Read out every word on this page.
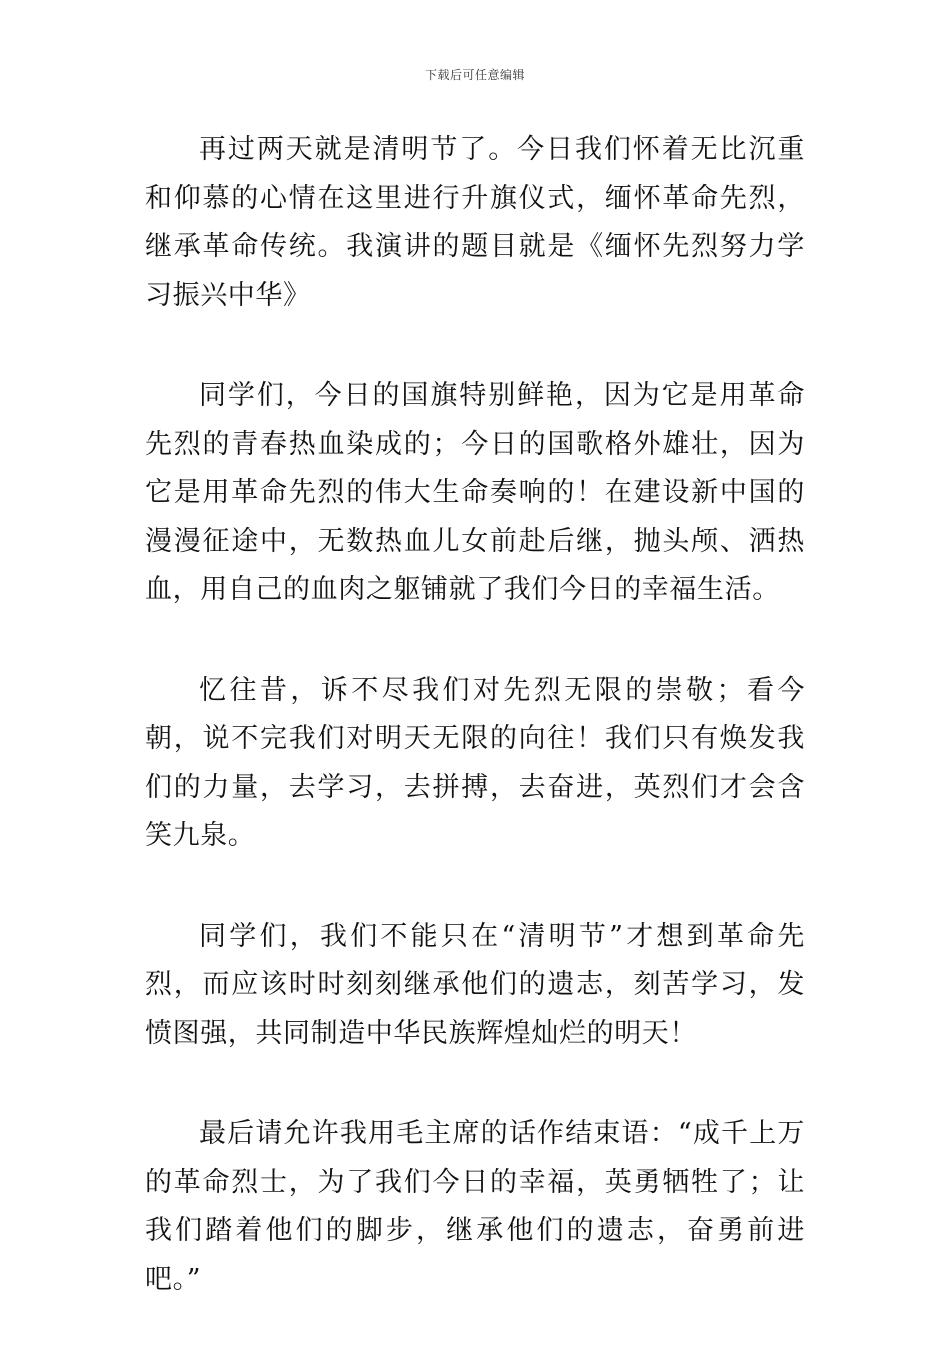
下载后可任意编辑

再过两天就是清明节了。今日我们怀着无比沉重和仰慕的心情在这里进行升旗仪式，缅怀革命先烈，继承革命传统。我演讲的题目就是《缅怀先烈努力学习振兴中华》

同学们，今日的国旗特别鲜艳，因为它是用革命先烈的青春热血染成的；今日的国歌格外雄壮，因为它是用革命先烈的伟大生命奏响的！在建设新中国的漫漫征途中，无数热血儿女前赴后继，抛头颅、洒热血，用自己的血肉之躯铺就了我们今日的幸福生活。

忆往昔，诉不尽我们对先烈无限的崇敬；看今朝，说不完我们对明天无限的向往！我们只有焕发我们的力量，去学习，去拼搏，去奋进，英烈们才会含笑九泉。

同学们，我们不能只在“清明节”才想到革命先烈，而应该时时刻刻继承他们的遗志，刻苦学习，发愤图强，共同制造中华民族辉煌灿烂的明天！

最后请允许我用毛主席的话作结束语：“成千上万的革命烈士，为了我们今日的幸福，英勇牺牲了；让我们踏着他们的脚步，继承他们的遗志，奋勇前进吧。”
